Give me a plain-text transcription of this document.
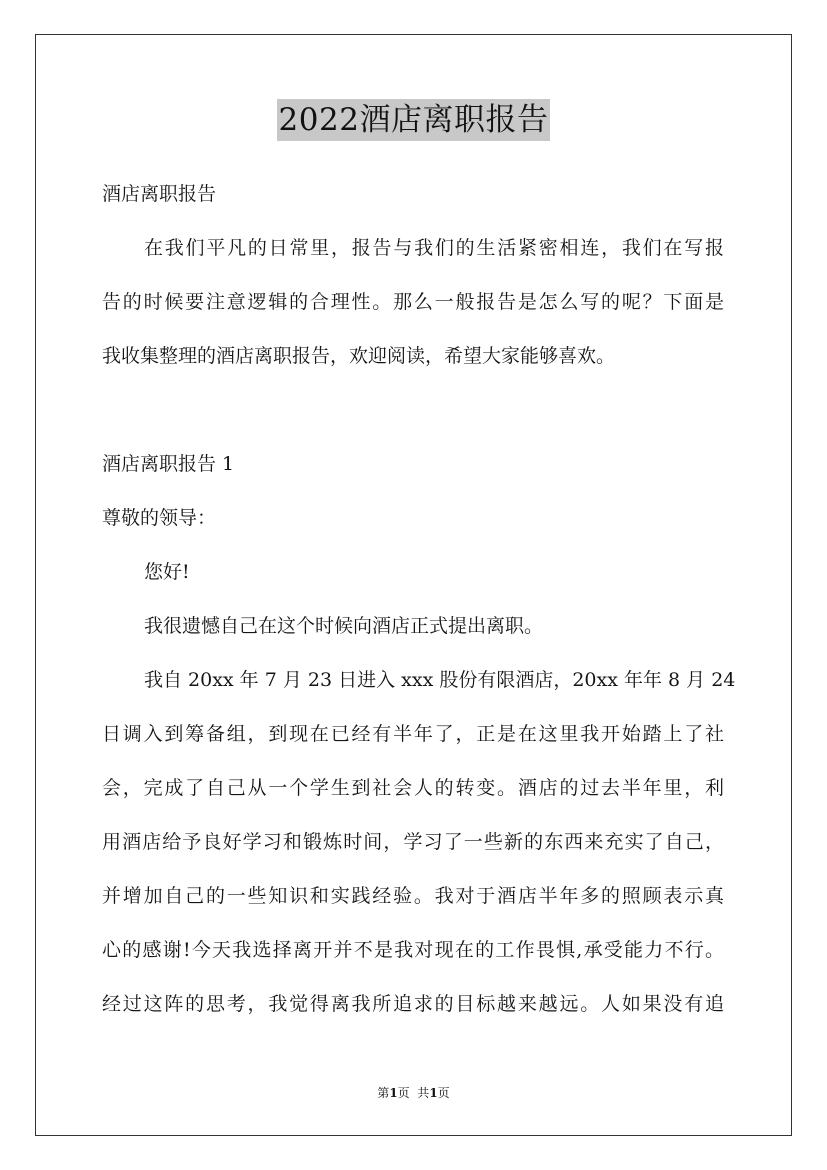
2022酒店离职报告
酒店离职报告
在我们平凡的日常里，报告与我们的生活紧密相连，我们在写报
告的时候要注意逻辑的合理性。那么一般报告是怎么写的呢？下面是
我收集整理的酒店离职报告，欢迎阅读，希望大家能够喜欢。
酒店离职报告 1
尊敬的领导：
您好!
我很遗憾自己在这个时候向酒店正式提出离职。
我自 20xx 年 7 月 23 日进入 xxx 股份有限酒店，20xx 年年 8 月 24
日调入到筹备组，到现在已经有半年了，正是在这里我开始踏上了社
会，完成了自己从一个学生到社会人的转变。酒店的过去半年里，利
用酒店给予良好学习和锻炼时间，学习了一些新的东西来充实了自己，
并增加自己的一些知识和实践经验。我对于酒店半年多的照顾表示真
心的感谢!今天我选择离开并不是我对现在的工作畏惧,承受能力不行。
经过这阵的思考，我觉得离我所追求的目标越来越远。人如果没有追
第1页  共1页
